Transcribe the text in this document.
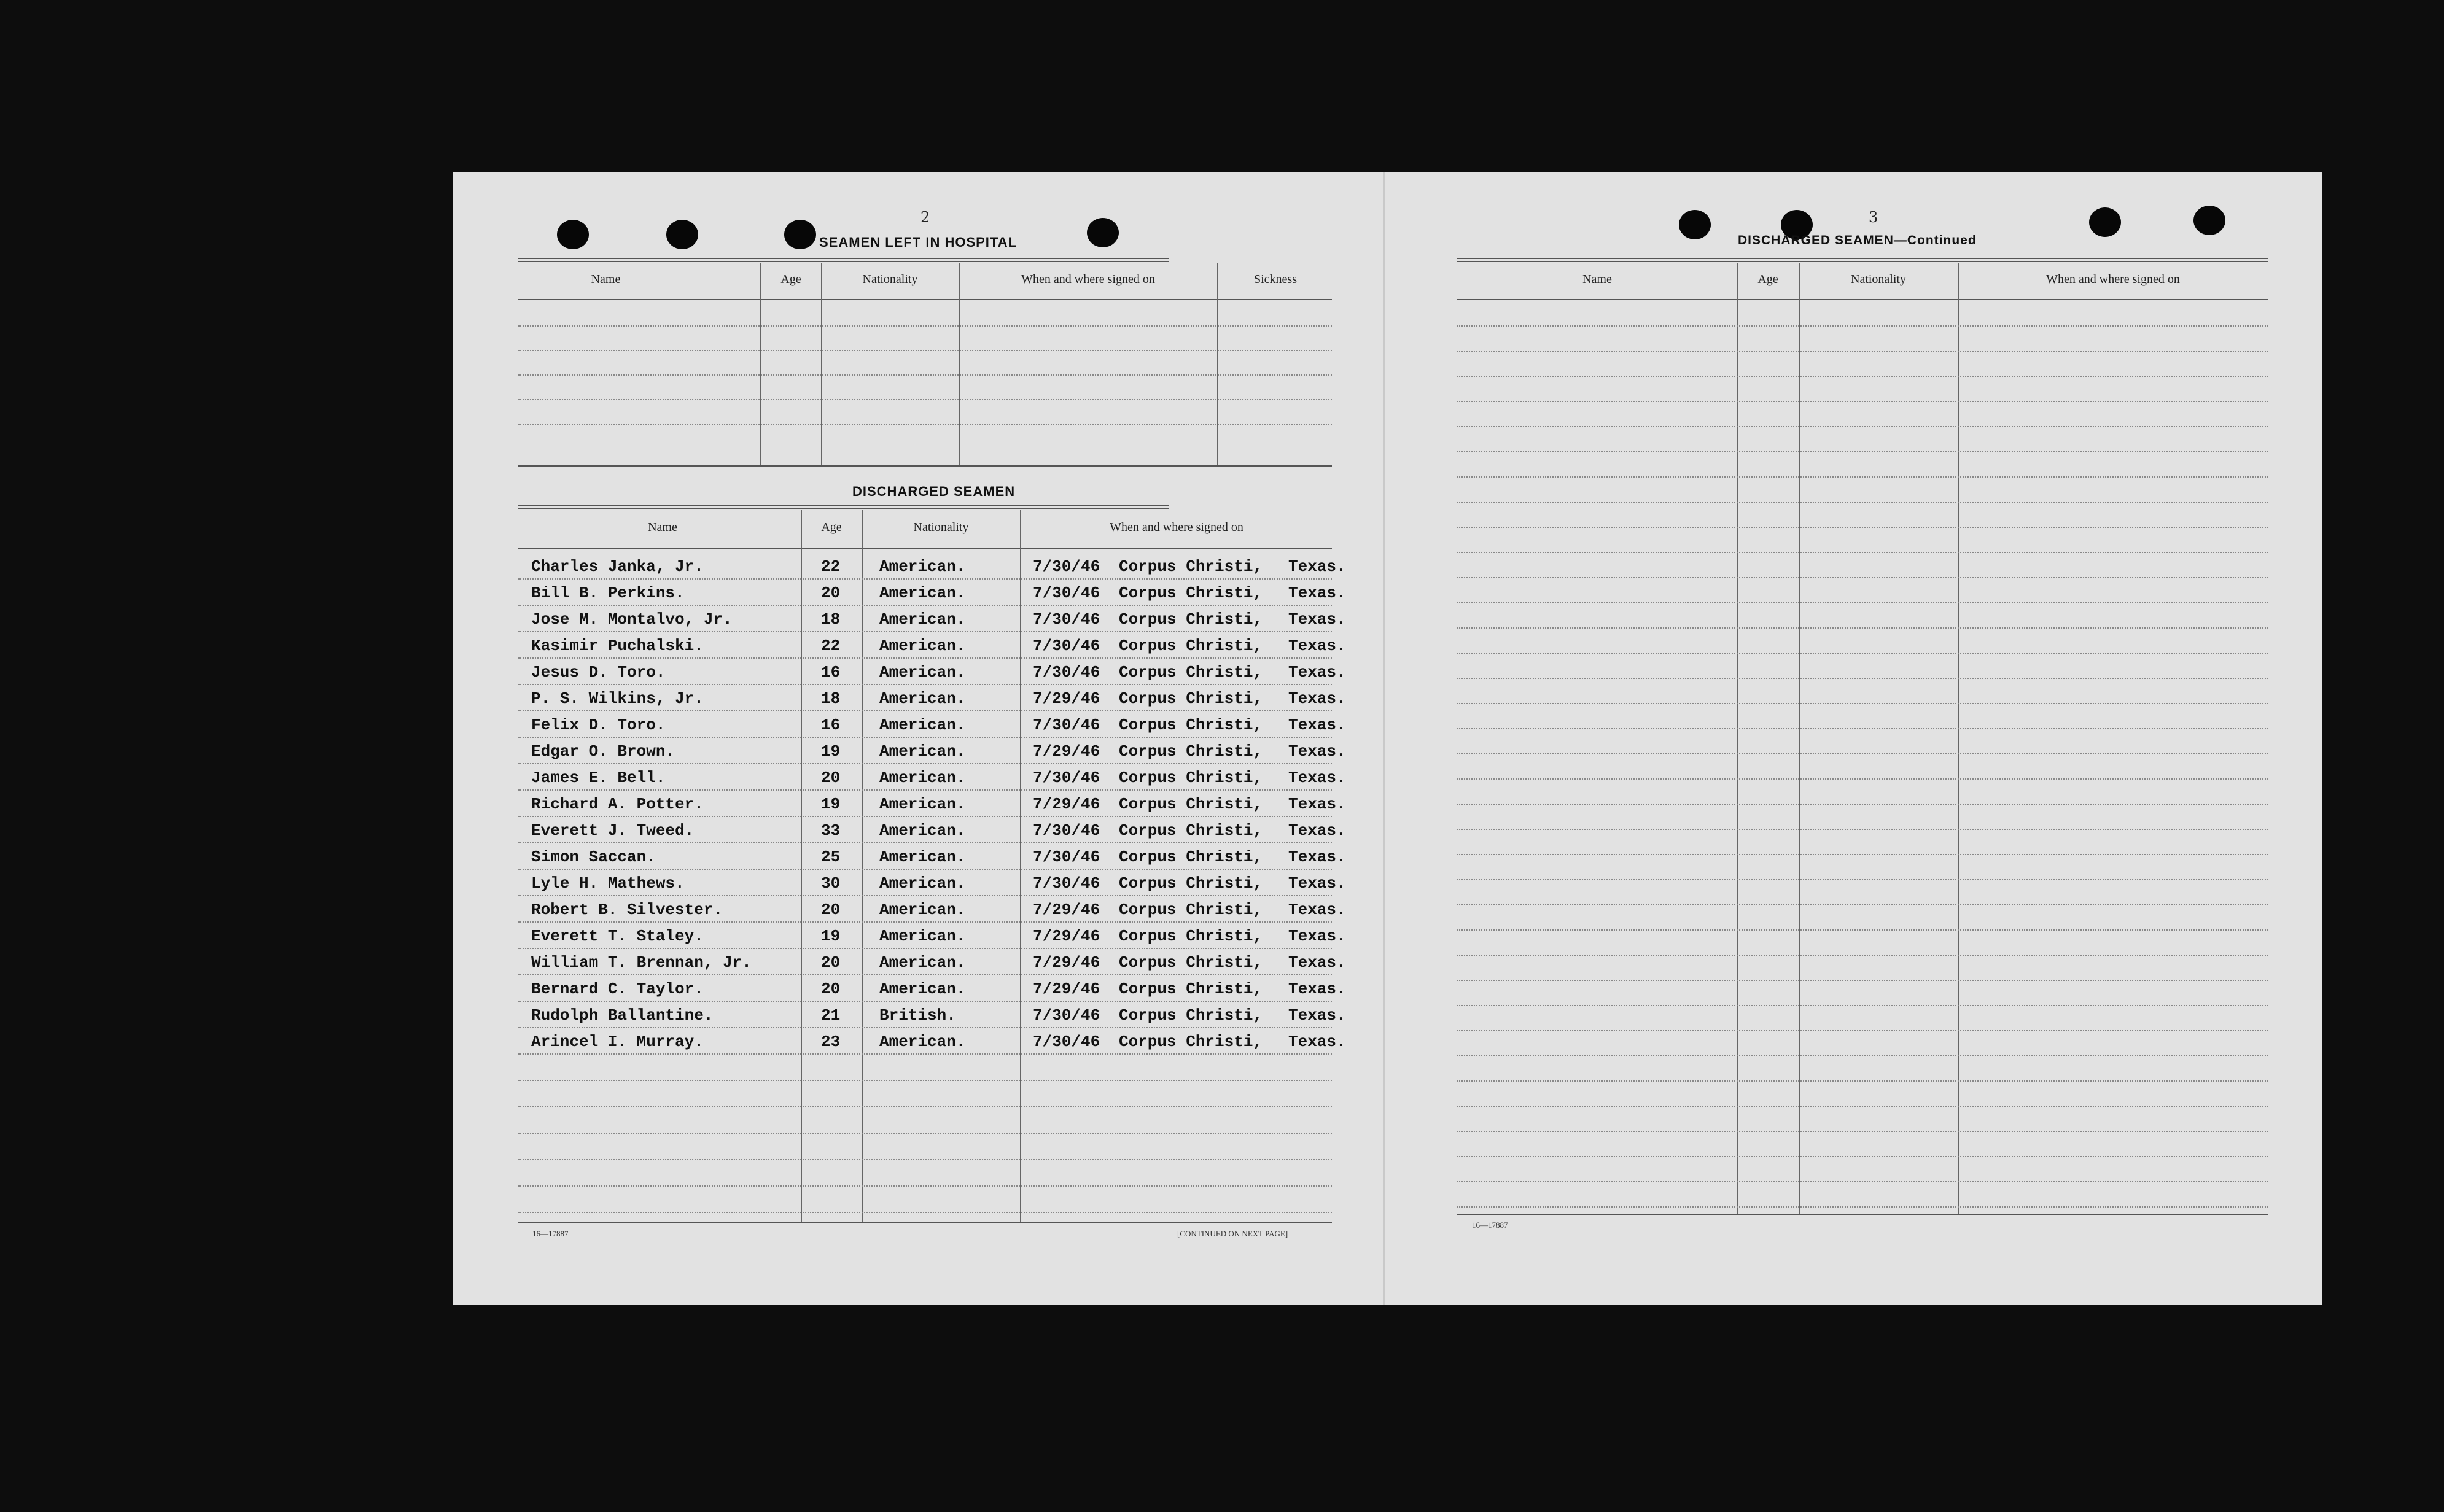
2
SEAMEN LEFT IN HOSPITAL
Name	Age	Nationality	When and where signed on	Sickness
DISCHARGED SEAMEN
Name	Age	Nationality	When and where signed on
Charles Janka, Jr.	22 American.	7/30/46 Corpus Christi, Texas.
Bill B. Perkins.	20 American.	7/30/46 Corpus Christi, Texas.
Jose M. Montalvo, Jr.	18 American.	7/30/46 Corpus Christi, Texas.
Kasimir Puchalski.	22 American.	7/30/46 Corpus Christi, Texas.
Jesus D. Toro.	16 American.	7/30/46 Corpus Christi, Texas.
P. S. Wilkins, Jr.	18 American.	7/29/46 Corpus Christi, Texas.
Felix D. Toro.	16 American.	7/30/46 Corpus Christi, Texas.
Edgar O. Brown.	19 American.	7/29/46 Corpus Christi, Texas.
James E. Bell.	20 American.	7/30/46 Corpus Christi, Texas.
Richard A. Potter.	19 American.	7/29/46 Corpus Christi, Texas.
Everett J. Tweed.	33 American.	7/30/46 Corpus Christi, Texas.
Simon Saccan.	25 American.	7/30/46 Corpus Christi, Texas.
Lyle H. Mathews.	30 American.	7/30/46 Corpus Christi, Texas.
Robert B. Silvester.	20 American.	7/29/46 Corpus Christi, Texas.
Everett T. Staley.	19 American.	7/29/46 Corpus Christi, Texas.
William T. Brennan, Jr.	20 American.	7/29/46 Corpus Christi, Texas.
Bernard C. Taylor.	20 American.	7/29/46 Corpus Christi, Texas.
Rudolph Ballantine.	21 British.	7/30/46 Corpus Christi, Texas.
Arincel I. Murray.	23 American.	7/30/46 Corpus Christi, Texas.
16—17887	[CONTINUED ON NEXT PAGE]
3
DISCHARGED SEAMEN—Continued
Name	Age	Nationality	When and where signed on
16—17887
